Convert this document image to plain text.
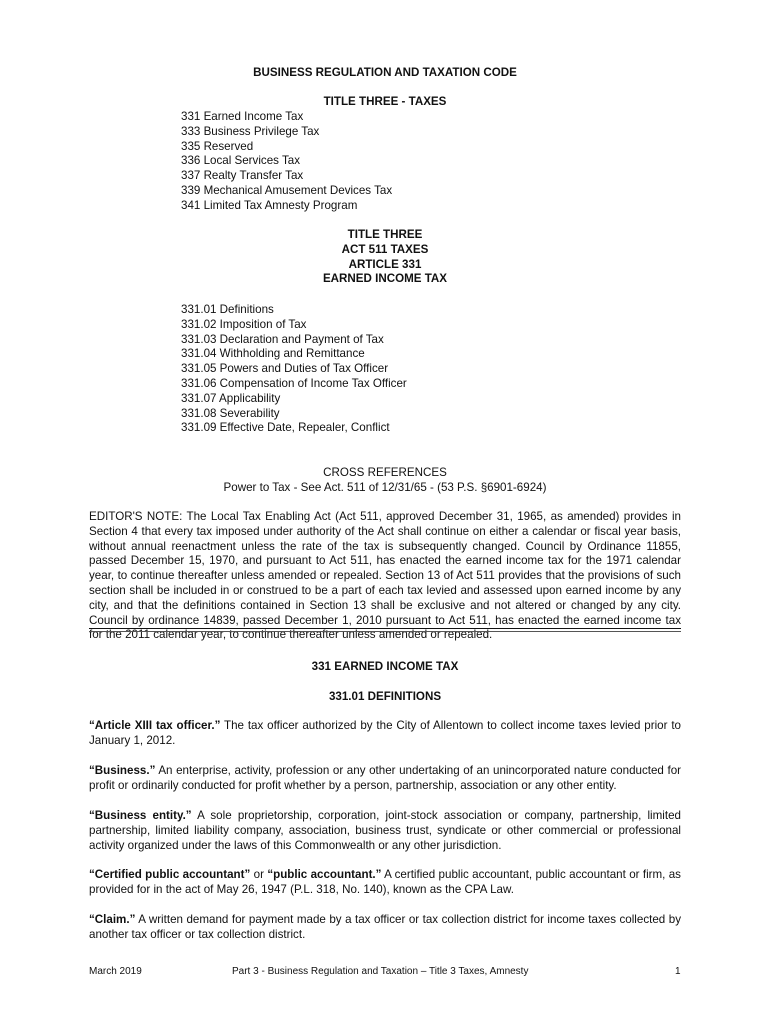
BUSINESS REGULATION AND TAXATION CODE
TITLE THREE - TAXES
331 Earned Income Tax
333 Business Privilege Tax
335 Reserved
336 Local Services Tax
337 Realty Transfer Tax
339 Mechanical Amusement Devices Tax
341 Limited Tax Amnesty Program
TITLE THREE
ACT 511 TAXES
ARTICLE 331
EARNED INCOME TAX
331.01 Definitions
331.02 Imposition of Tax
331.03 Declaration and Payment of Tax
331.04 Withholding and Remittance
331.05 Powers and Duties of Tax Officer
331.06 Compensation of Income Tax Officer
331.07 Applicability
331.08 Severability
331.09 Effective Date, Repealer, Conflict
CROSS REFERENCES
Power to Tax - See Act. 511 of 12/31/65 - (53 P.S. §6901-6924)
EDITOR'S NOTE: The Local Tax Enabling Act (Act 511, approved December 31, 1965, as amended) provides in Section 4 that every tax imposed under authority of the Act shall continue on either a calendar or fiscal year basis, without annual reenactment unless the rate of the tax is subsequently changed. Council by Ordinance 11855, passed December 15, 1970, and pursuant to Act 511, has enacted the earned income tax for the 1971 calendar year, to continue thereafter unless amended or repealed. Section 13 of Act 511 provides that the provisions of such section shall be included in or construed to be a part of each tax levied and assessed upon earned income by any city, and that the definitions contained in Section 13 shall be exclusive and not altered or changed by any city. Council by ordinance 14839, passed December 1, 2010 pursuant to Act 511, has enacted the earned income tax for the 2011 calendar year, to continue thereafter unless amended or repealed.
331 EARNED INCOME TAX
331.01 DEFINITIONS
“Article XIII tax officer.” The tax officer authorized by the City of Allentown to collect income taxes levied prior to January 1, 2012.
“Business.” An enterprise, activity, profession or any other undertaking of an unincorporated nature conducted for profit or ordinarily conducted for profit whether by a person, partnership, association or any other entity.
“Business entity.” A sole proprietorship, corporation, joint-stock association or company, partnership, limited partnership, limited liability company, association, business trust, syndicate or other commercial or professional activity organized under the laws of this Commonwealth or any other jurisdiction.
“Certified public accountant” or “public accountant.” A certified public accountant, public accountant or firm, as provided for in the act of May 26, 1947 (P.L. 318, No. 140), known as the CPA Law.
“Claim.” A written demand for payment made by a tax officer or tax collection district for income taxes collected by another tax officer or tax collection district.
March 2019	Part 3 - Business Regulation and Taxation – Title 3 Taxes, Amnesty	1
